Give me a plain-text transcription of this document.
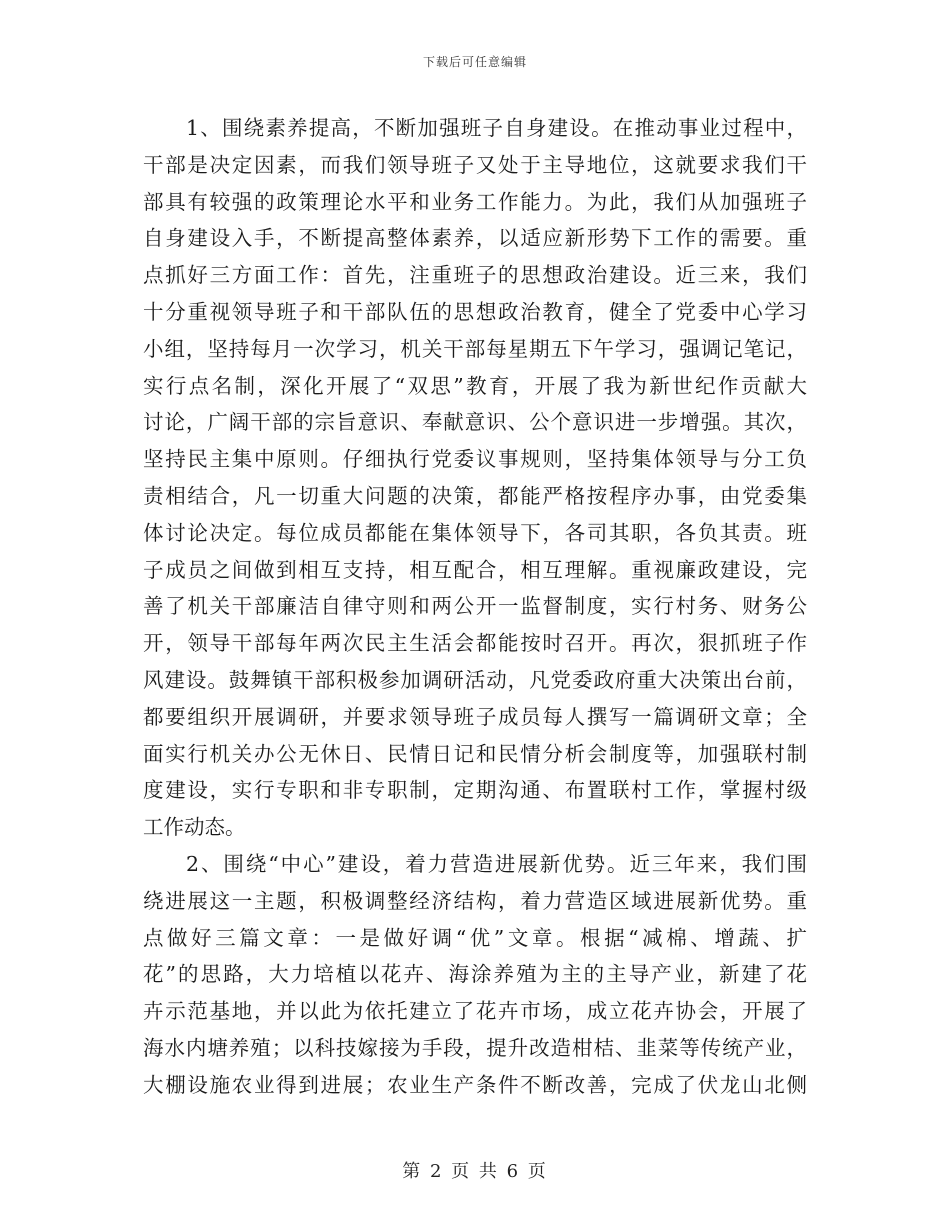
下载后可任意编辑
1、围绕素养提高，不断加强班子自身建设。在推动事业过程中，
干部是决定因素，而我们领导班子又处于主导地位，这就要求我们干
部具有较强的政策理论水平和业务工作能力。为此，我们从加强班子
自身建设入手，不断提高整体素养，以适应新形势下工作的需要。重
点抓好三方面工作：首先，注重班子的思想政治建设。近三来，我们
十分重视领导班子和干部队伍的思想政治教育，健全了党委中心学习
小组，坚持每月一次学习，机关干部每星期五下午学习，强调记笔记，
实行点名制，深化开展了“双思”教育，开展了我为新世纪作贡献大
讨论，广阔干部的宗旨意识、奉献意识、公个意识进一步增强。其次，
坚持民主集中原则。仔细执行党委议事规则，坚持集体领导与分工负
责相结合，凡一切重大问题的决策，都能严格按程序办事，由党委集
体讨论决定。每位成员都能在集体领导下，各司其职，各负其责。班
子成员之间做到相互支持，相互配合，相互理解。重视廉政建设，完
善了机关干部廉洁自律守则和两公开一监督制度，实行村务、财务公
开，领导干部每年两次民主生活会都能按时召开。再次，狠抓班子作
风建设。鼓舞镇干部积极参加调研活动，凡党委政府重大决策出台前，
都要组织开展调研，并要求领导班子成员每人撰写一篇调研文章；全
面实行机关办公无休日、民情日记和民情分析会制度等，加强联村制
度建设，实行专职和非专职制，定期沟通、布置联村工作，掌握村级
工作动态。
2、围绕“中心”建设，着力营造进展新优势。近三年来，我们围
绕进展这一主题，积极调整经济结构，着力营造区域进展新优势。重
点做好三篇文章：一是做好调“优”文章。根据“减棉、增蔬、扩
花”的思路，大力培植以花卉、海涂养殖为主的主导产业，新建了花
卉示范基地，并以此为依托建立了花卉市场，成立花卉协会，开展了
海水内塘养殖；以科技嫁接为手段，提升改造柑桔、韭菜等传统产业，
大棚设施农业得到进展；农业生产条件不断改善，完成了伏龙山北侧
第 2 页 共 6 页
